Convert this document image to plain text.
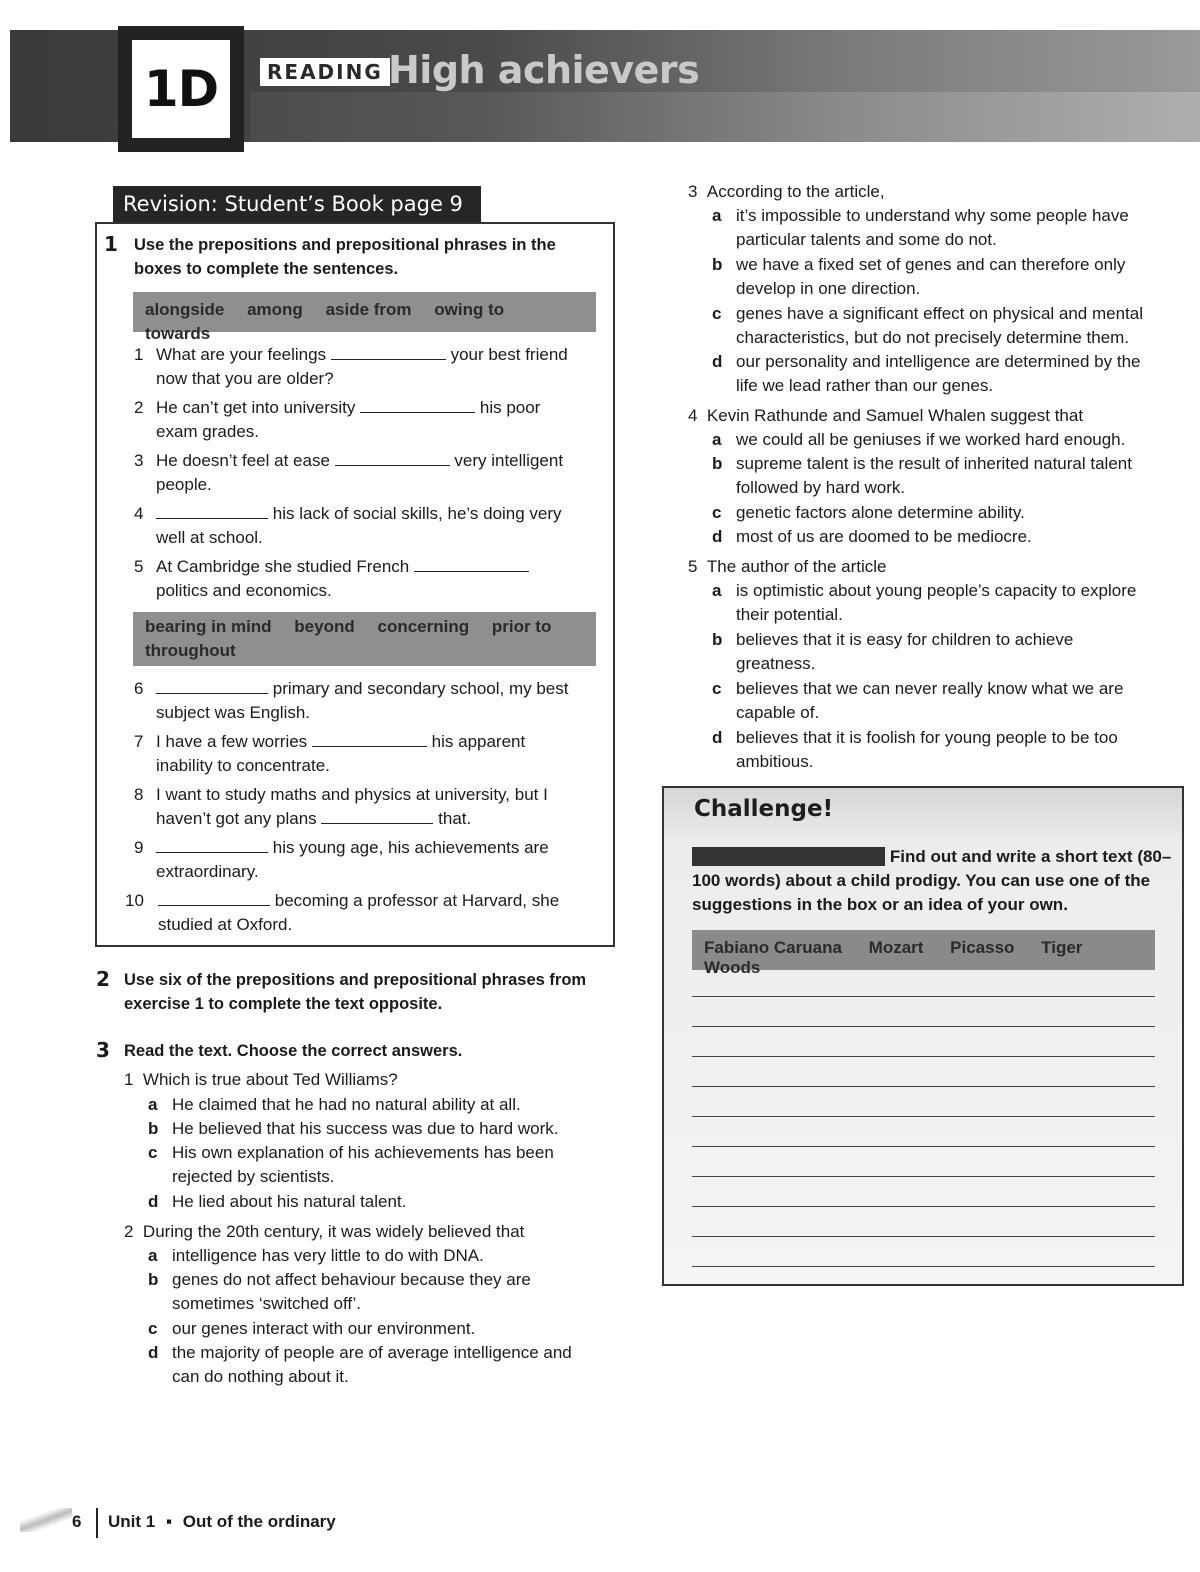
1D	READING High achievers
Revision: Student’s Book page 9
1 Use the prepositions and prepositional phrases in the
boxes to complete the sentences.
alongside among aside from owing to towards
1 What are your feelings	your best friend
now that you are older?
2 He can’t get into university	his poor
exam grades.
3 He doesn’t feel at ease	very intelligent
people.
4	his lack of social skills, he’s doing very
well at school.
5 At Cambridge she studied French
politics and economics.
bearing in mind beyond concerning prior to
throughout
6	primary and secondary school, my best
subject was English.
7 I have a few worries	his apparent
inability to concentrate.
8 I want to study maths and physics at university, but I
haven’t got any plans	that.
9	his young age, his achievements are
extraordinary.
10	becoming a professor at Harvard, she
studied at Oxford.
2 Use six of the prepositions and prepositional phrases from
exercise 1 to complete the text opposite.
3 Read the text. Choose the correct answers.
1 Which is true about Ted Williams?
a He claimed that he had no natural ability at all.
b He believed that his success was due to hard work.
c His own explanation of his achievements has been
rejected by scientists.
d He lied about his natural talent.
2 During the 20th century, it was widely believed that
a intelligence has very little to do with DNA.
b genes do not affect behaviour because they are
sometimes ‘switched off’.
c our genes interact with our environment.
d the majority of people are of average intelligence and
can do nothing about it.
3 According to the article,
a it’s impossible to understand why some people have
particular talents and some do not.
b we have a fixed set of genes and can therefore only
develop in one direction.
c genes have a significant effect on physical and mental
characteristics, but do not precisely determine them.
d our personality and intelligence are determined by the
life we lead rather than our genes.
4 Kevin Rathunde and Samuel Whalen suggest that
a we could all be geniuses if we worked hard enough.
b supreme talent is the result of inherited natural talent
followed by hard work.
c genetic factors alone determine ability.
d most of us are doomed to be mediocre.
5 The author of the article
a is optimistic about young people’s capacity to explore
their potential.
b believes that it is easy for children to achieve
greatness.
c believes that we can never really know what we are
capable of.
d believes that it is foolish for young people to be too
ambitious.
Challenge!
INTERNET RESEARCH Find out and write a short text (80–
100 words) about a child prodigy. You can use one of the
suggestions in the box or an idea of your own.
Fabiano Caruana Mozart Picasso Tiger Woods
6 Unit 1 ▪ Out of the ordinary
